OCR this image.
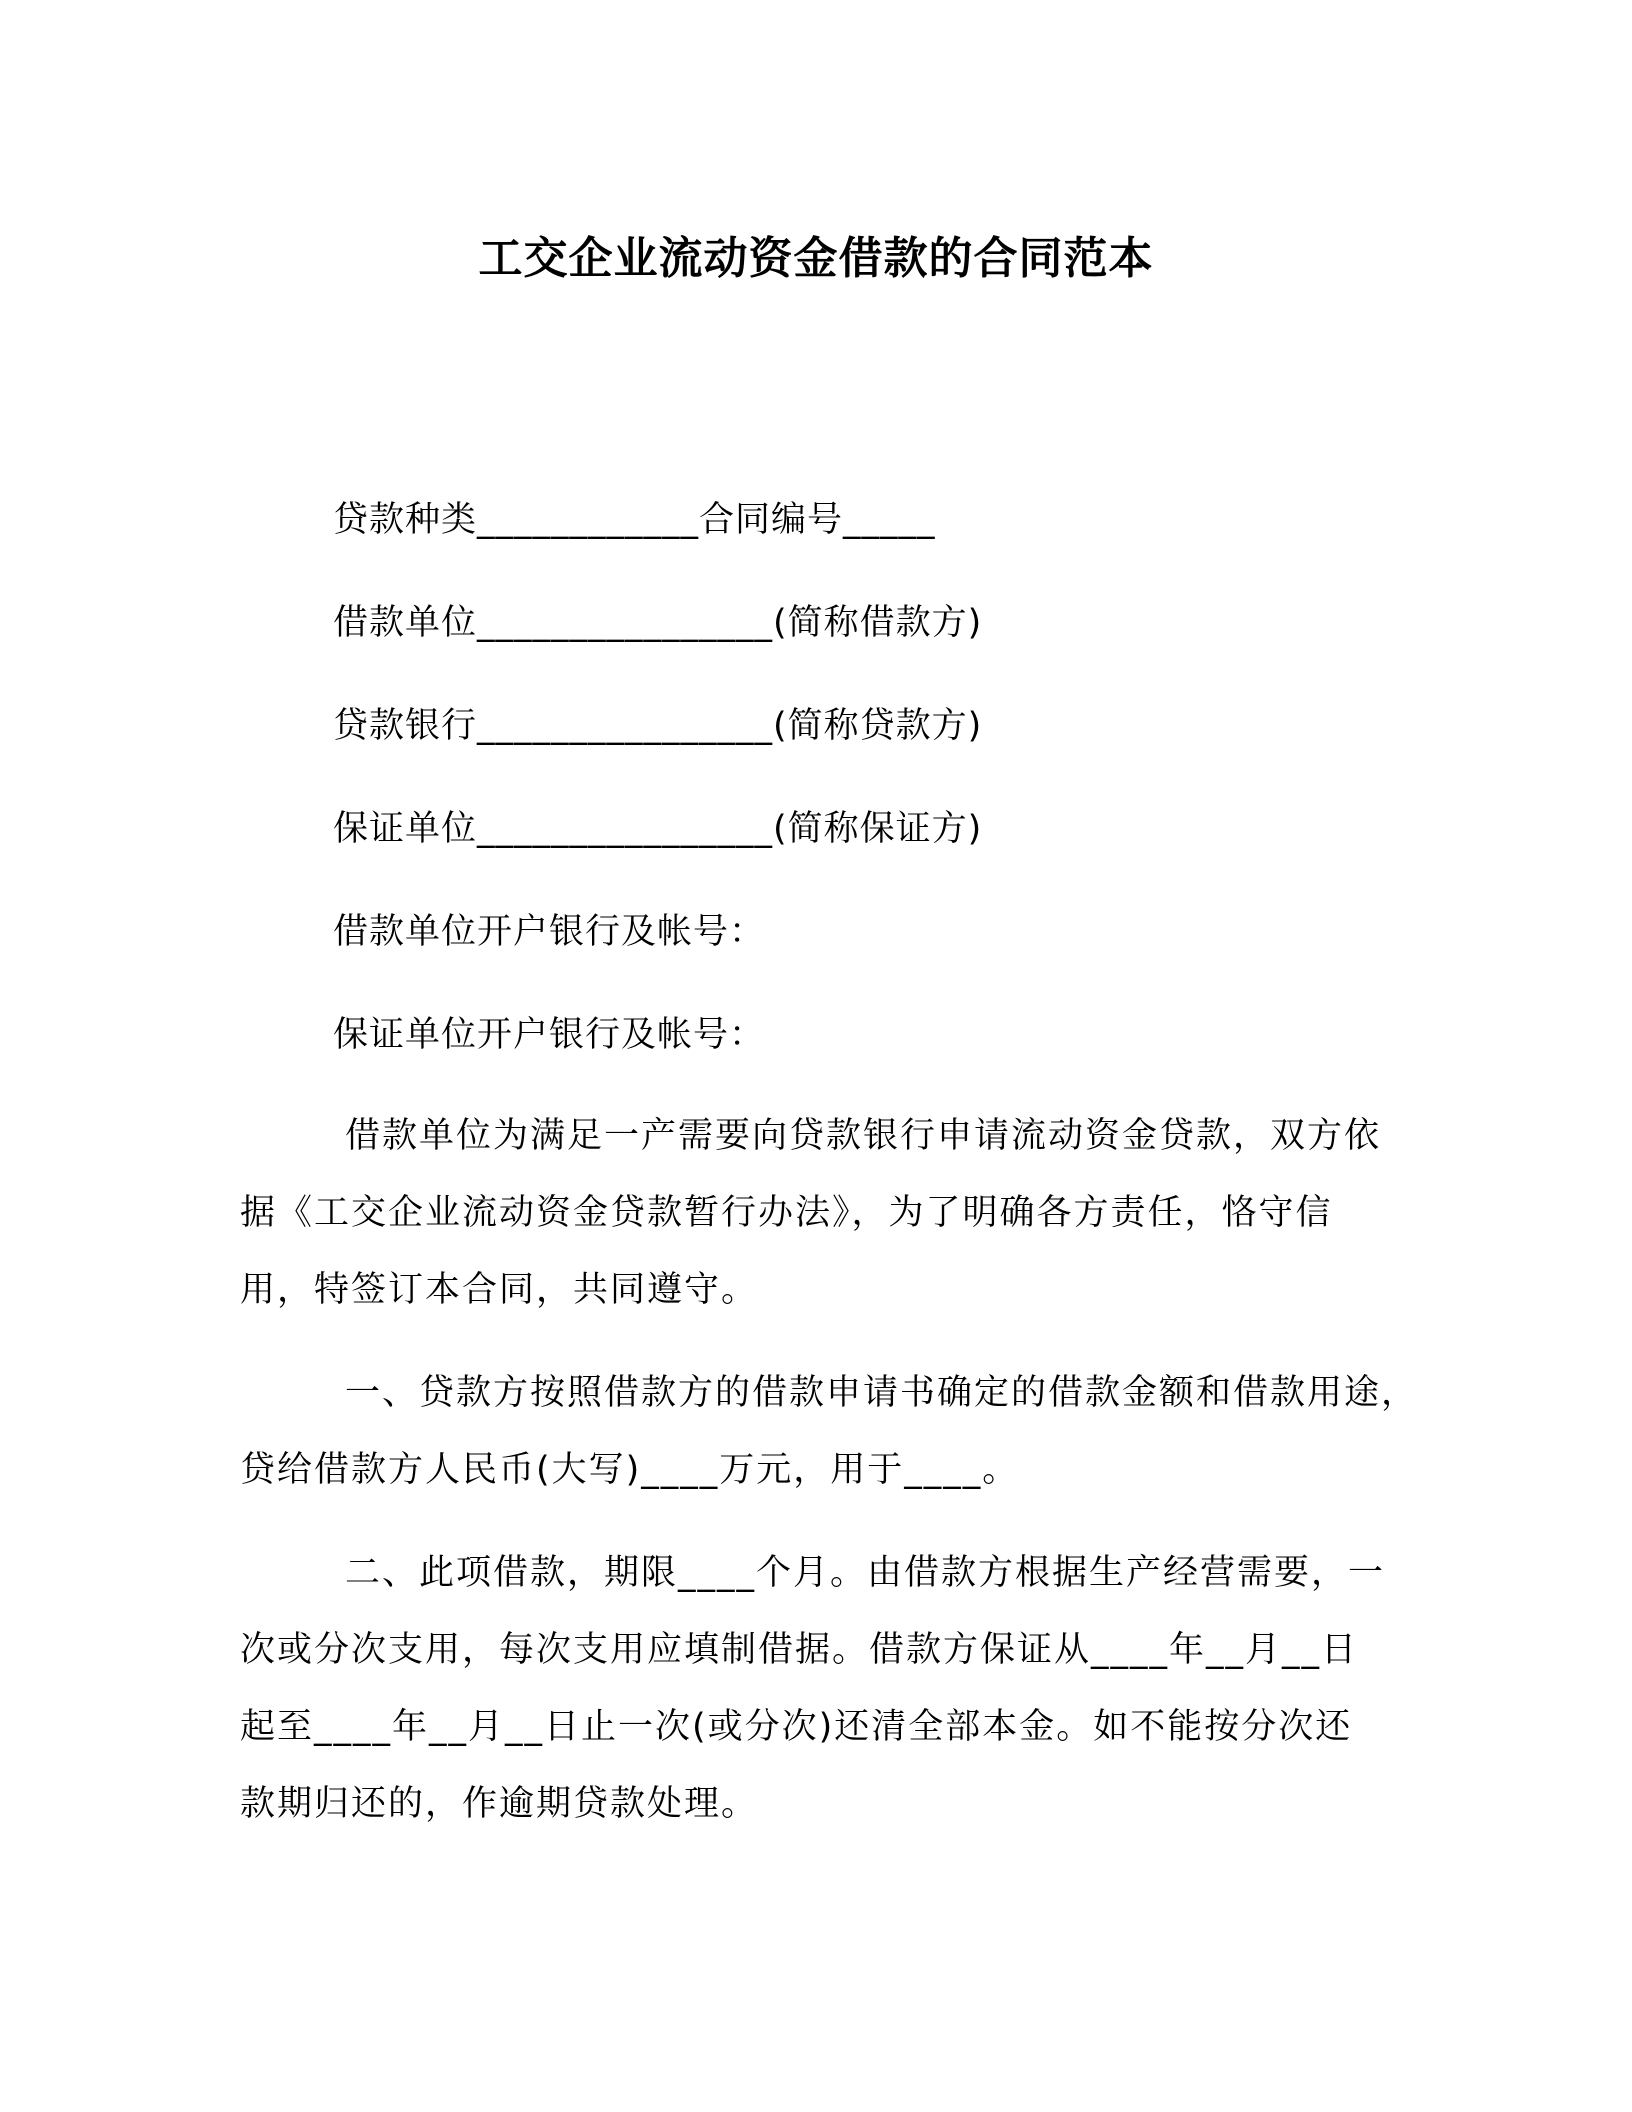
工交企业流动资金借款的合同范本
贷款种类____________合同编号_____
借款单位________________(简称借款方)
贷款银行________________(简称贷款方)
保证单位________________(简称保证方)
借款单位开户银行及帐号：
保证单位开户银行及帐号：
借款单位为满足一产需要向贷款银行申请流动资金贷款，双方依
据《工交企业流动资金贷款暂行办法》，为了明确各方责任，恪守信
用，特签订本合同，共同遵守。
一、贷款方按照借款方的借款申请书确定的借款金额和借款用途，
贷给借款方人民币(大写)____万元，用于____。
二、此项借款，期限____个月。由借款方根据生产经营需要，一
次或分次支用，每次支用应填制借据。借款方保证从____年__月__日
起至____年__月__日止一次(或分次)还清全部本金。如不能按分次还
款期归还的，作逾期贷款处理。
